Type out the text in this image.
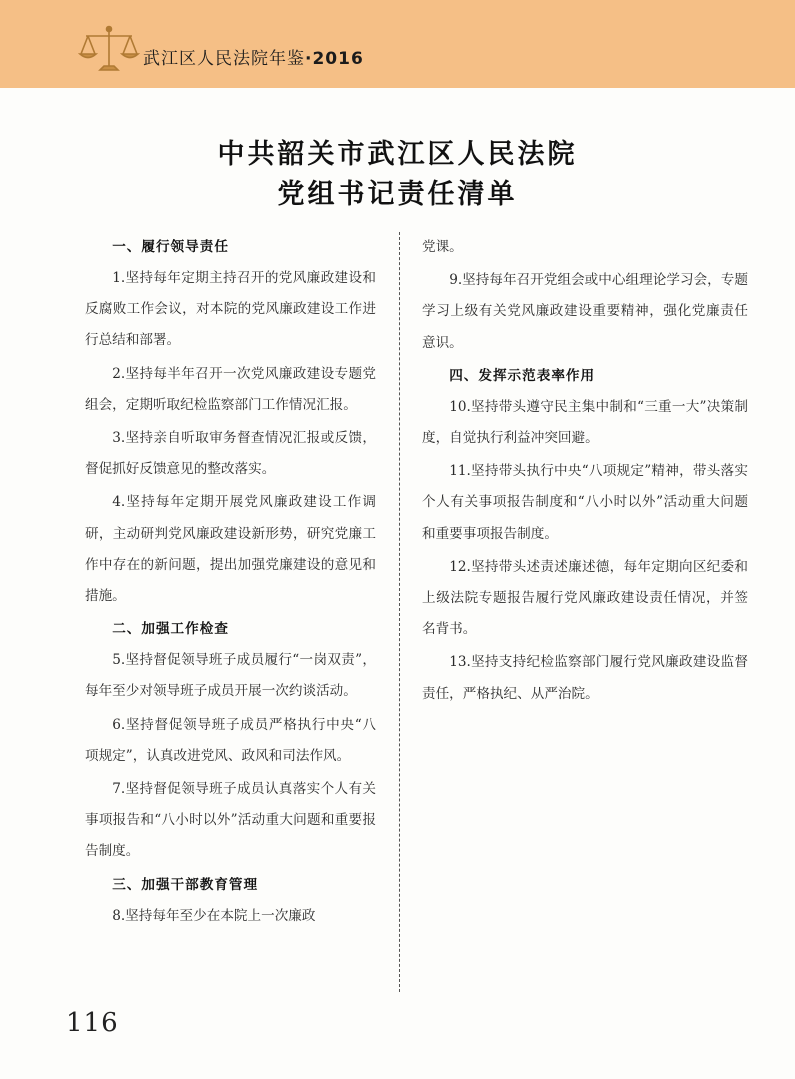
武江区人民法院年鉴·2016
中共韶关市武江区人民法院
党组书记责任清单
一、履行领导责任

1.坚持每年定期主持召开的党风廉政建设和反腐败工作会议，对本院的党风廉政建设工作进行总结和部署。

2.坚持每半年召开一次党风廉政建设专题党组会，定期听取纪检监察部门工作情况汇报。

3.坚持亲自听取审务督查情况汇报或反馈，督促抓好反馈意见的整改落实。

4.坚持每年定期开展党风廉政建设工作调研，主动研判党风廉政建设新形势，研究党廉工作中存在的新问题，提出加强党廉建设的意见和措施。

二、加强工作检查

5.坚持督促领导班子成员履行“一岗双责”，每年至少对领导班子成员开展一次约谈活动。

6.坚持督促领导班子成员严格执行中央“八项规定”，认真改进党风、政风和司法作风。

7.坚持督促领导班子成员认真落实个人有关事项报告和“八小时以外”活动重大问题和重要报告制度。

三、加强干部教育管理

8.坚持每年至少在本院上一次廉政

党课。

9.坚持每年召开党组会或中心组理论学习会，专题学习上级有关党风廉政建设重要精神，强化党廉责任意识。

四、发挥示范表率作用

10.坚持带头遵守民主集中制和“三重一大”决策制度，自觉执行利益冲突回避。

11.坚持带头执行中央“八项规定”精神，带头落实个人有关事项报告制度和“八小时以外”活动重大问题和重要事项报告制度。

12.坚持带头述责述廉述德，每年定期向区纪委和上级法院专题报告履行党风廉政建设责任情况，并签名背书。

13.坚持支持纪检监察部门履行党风廉政建设监督责任，严格执纪、从严治院。

116
